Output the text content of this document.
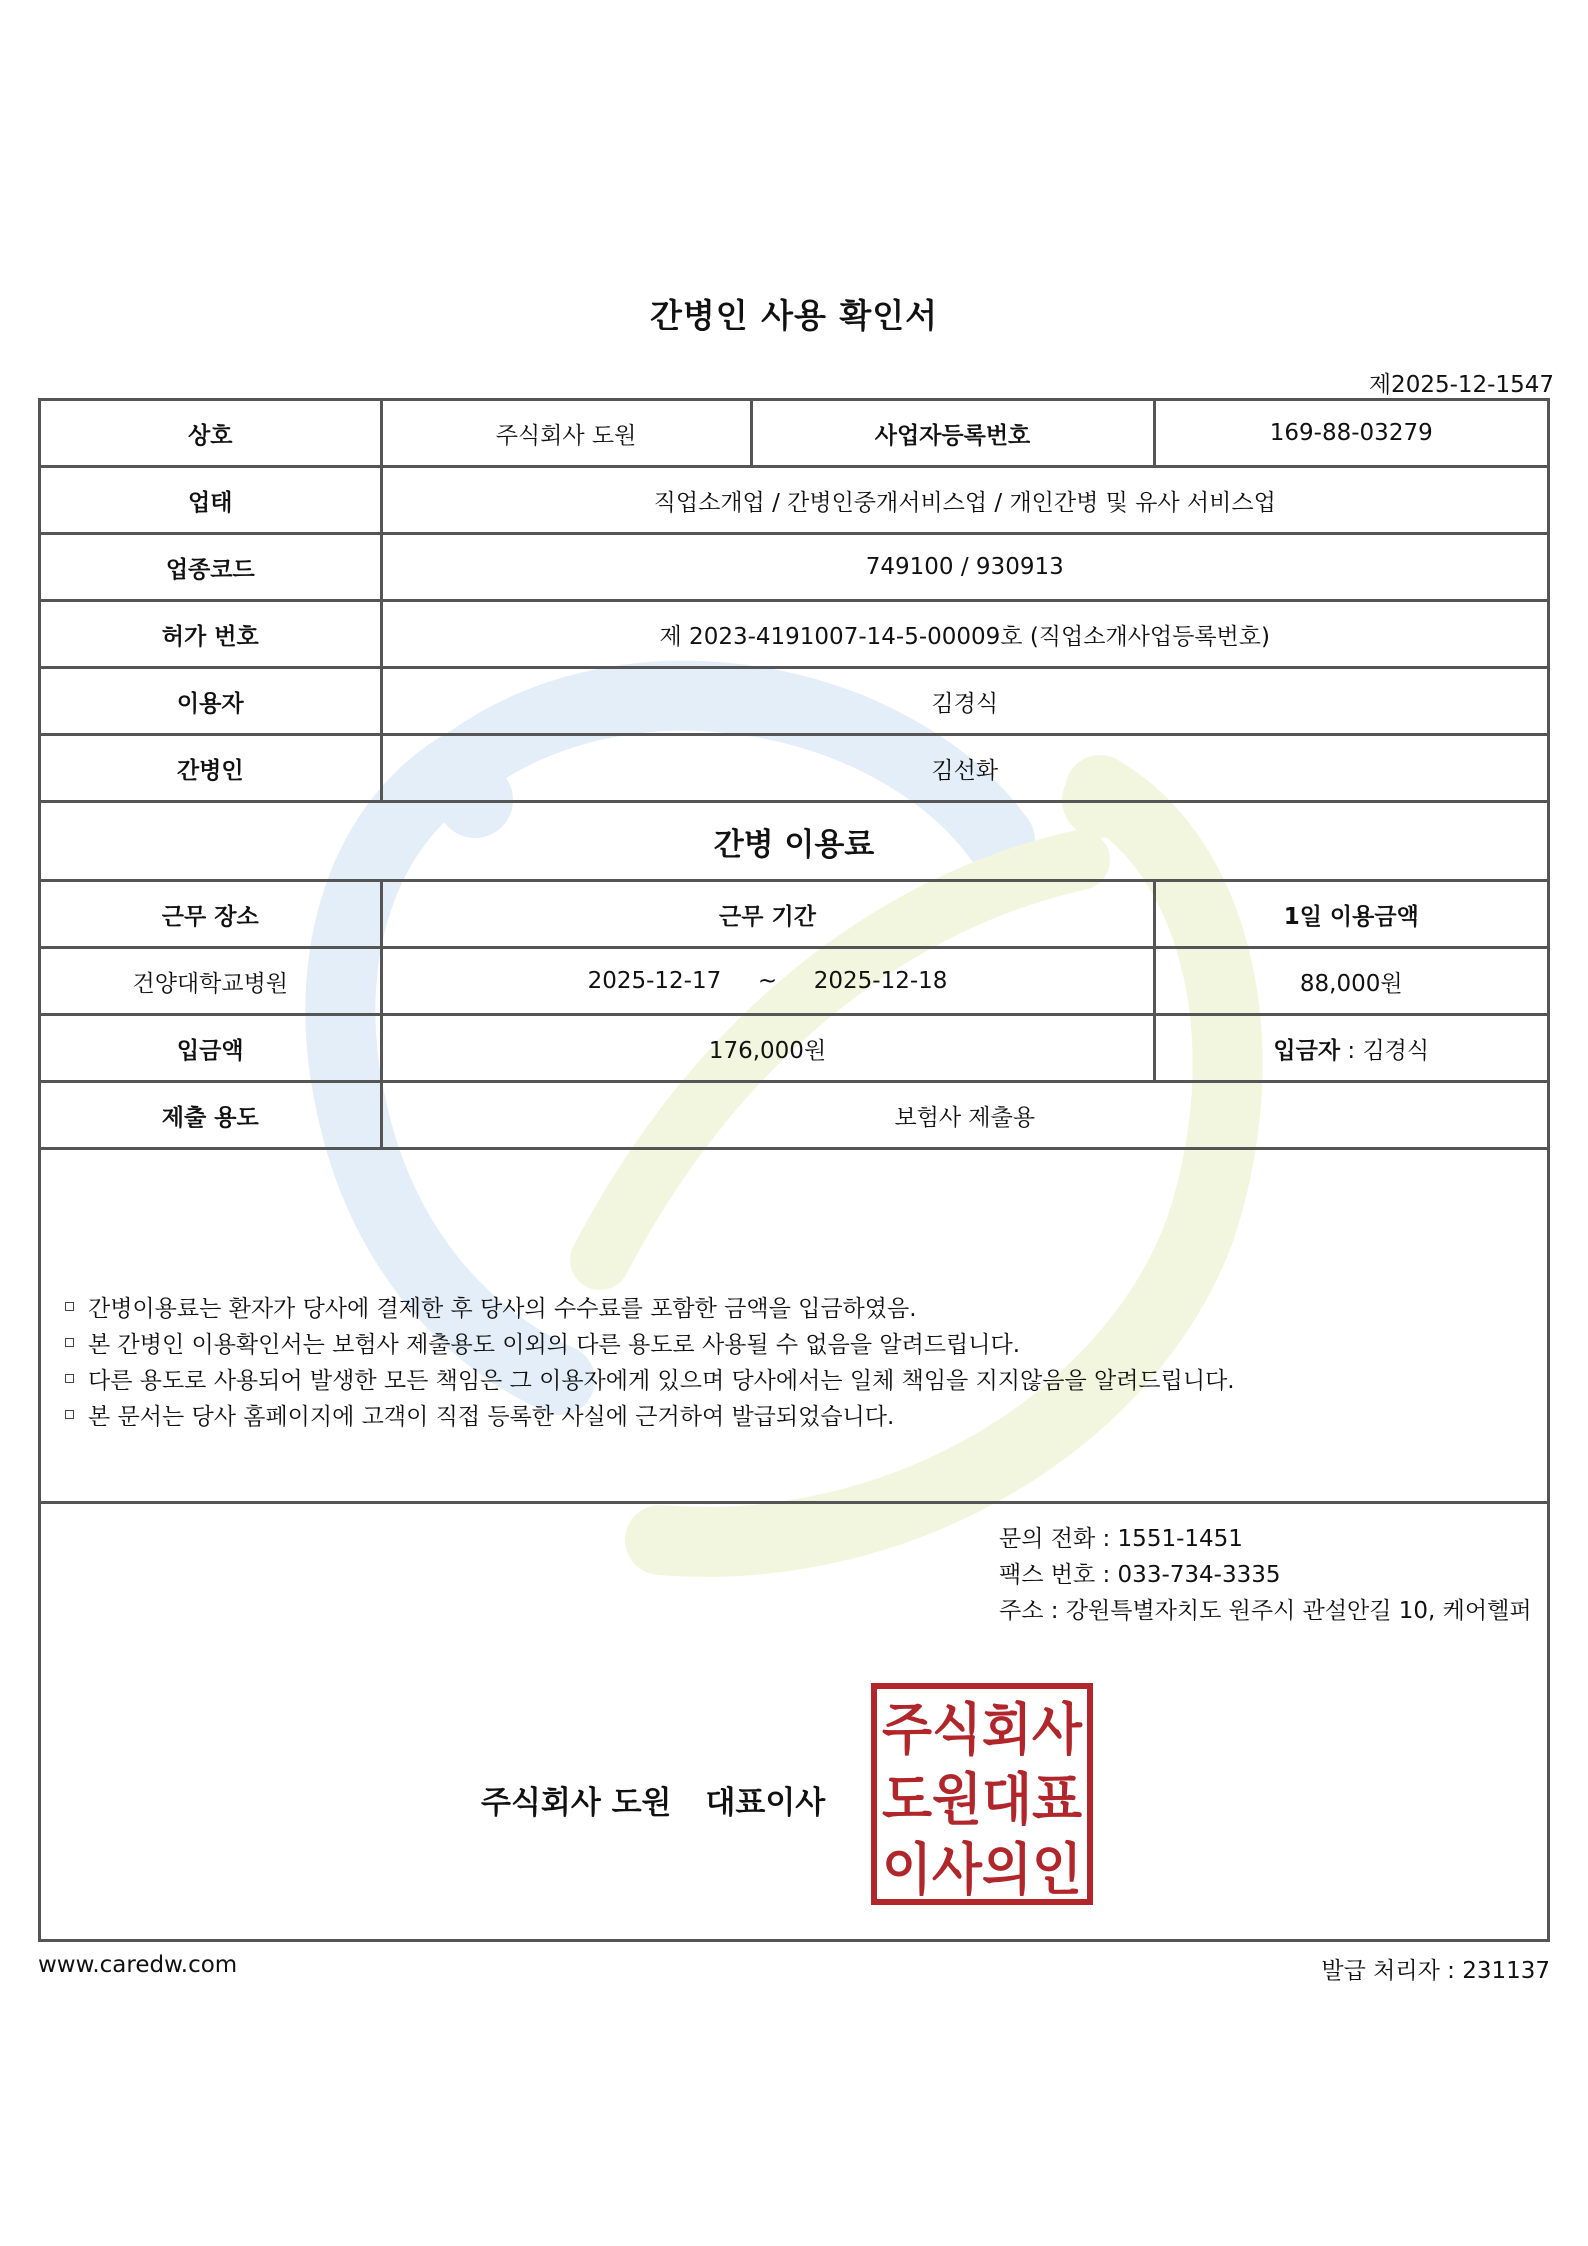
간병인 사용 확인서
제2025-12-1547
상호	주식회사 도원	사업자등록번호	169-88-03279
업태	직업소개업 / 간병인중개서비스업 / 개인간병 및 유사 서비스업		
업종코드	749100 / 930913		
허가 번호	제 2023-4191007-14-5-00009호 (직업소개사업등록번호)		
이용자	김경식		
간병인	김선화		
간병 이용료			
근무 장소	근무 기간		1일 이용금액
건양대학교병원	2025-12-17 ~ 2025-12-18		88,000원
입금액	176,000원		입금자 : 김경식
제출 용도	보험사 제출용		
간병이용료는 환자가 당사에 결제한 후 당사의 수수료를 포함한 금액을 입금하였음.
본 간병인 이용확인서는 보험사 제출용도 이외의 다른 용도로 사용될 수 없음을 알려드립니다.
다른 용도로 사용되어 발생한 모든 책임은 그 이용자에게 있으며 당사에서는 일체 책임을 지지않음을 알려드립니다.
본 문서는 당사 홈페이지에 고객이 직접 등록한 사실에 근거하여 발급되었습니다.
문의 전화 : 1551-1451
팩스 번호 : 033-734-3335
주소 : 강원특별자치도 원주시 관설안길 10, 케어헬퍼
주식회사 도원 대표이사
주식회사
도원대표
이사의인
www.caredw.com	발급 처리자 : 231137
